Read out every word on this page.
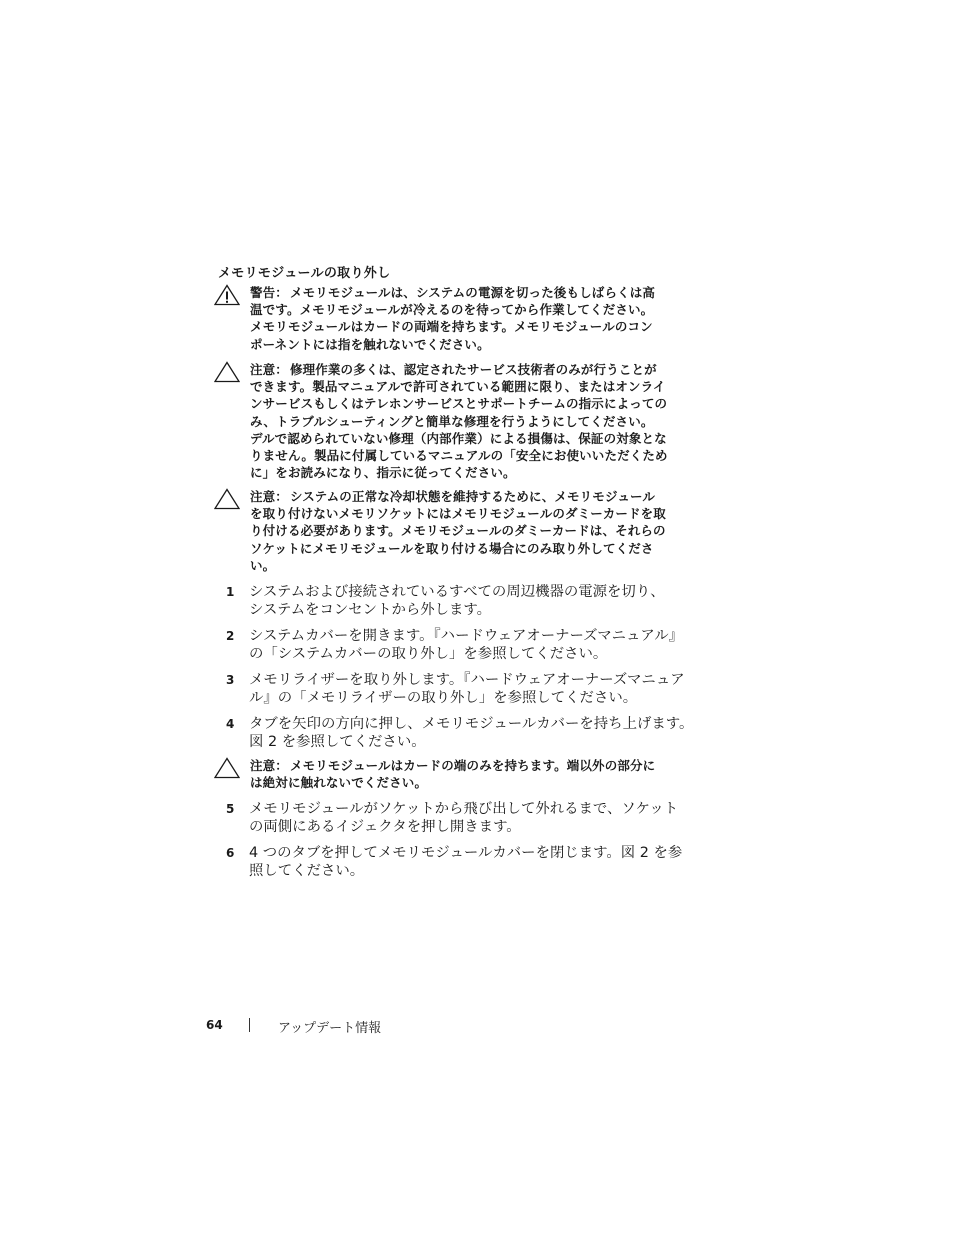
メモリモジュールの取り外し
警告： メモリモジュールは、システムの電源を切った後もしばらくは高
温です。メモリモジュールが冷えるのを待ってから作業してください。
メモリモジュールはカードの両端を持ちます。メモリモジュールのコン
ポーネントには指を触れないでください。
注意： 修理作業の多くは、認定されたサービス技術者のみが行うことが
できます。製品マニュアルで許可されている範囲に限り、またはオンライ
ンサービスもしくはテレホンサービスとサポートチームの指示によっての
み、トラブルシューティングと簡単な修理を行うようにしてください。
デルで認められていない修理（内部作業）による損傷は、保証の対象とな
りません。製品に付属しているマニュアルの「安全にお使いいただくため
に」をお読みになり、指示に従ってください。
注意： システムの正常な冷却状態を維持するために、メモリモジュール
を取り付けないメモリソケットにはメモリモジュールのダミーカードを取
り付ける必要があります。メモリモジュールのダミーカードは、それらの
ソケットにメモリモジュールを取り付ける場合にのみ取り外してくださ
い。
1 システムおよび接続されているすべての周辺機器の電源を切り、
システムをコンセントから外します。
2 システムカバーを開きます。『ハードウェアオーナーズマニュアル』
の「システムカバーの取り外し」を参照してください。
3 メモリライザーを取り外します。『ハードウェアオーナーズマニュア
ル』の「メモリライザーの取り外し」を参照してください。
4 タブを矢印の方向に押し、メモリモジュールカバーを持ち上げます。
図 2 を参照してください。
注意： メモリモジュールはカードの端のみを持ちます。端以外の部分に
は絶対に触れないでください。
5 メモリモジュールがソケットから飛び出して外れるまで、ソケット
の両側にあるイジェクタを押し開きます。
6 4 つのタブを押してメモリモジュールカバーを閉じます。図 2 を参
照してください。
64	アップデート情報
